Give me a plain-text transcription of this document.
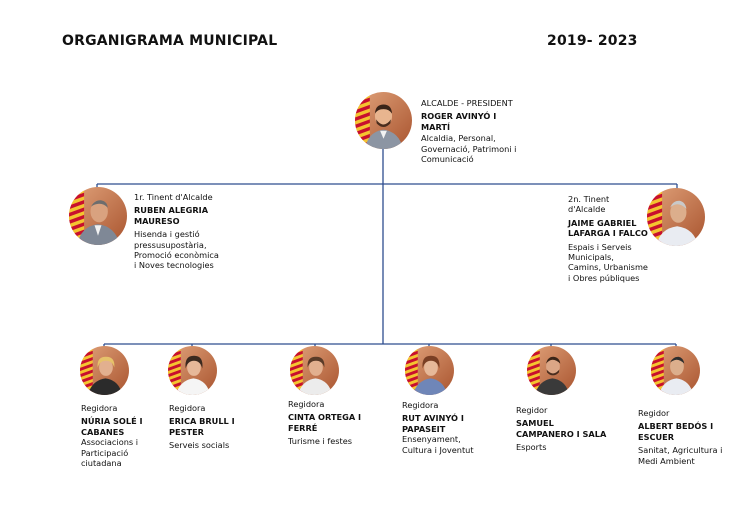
ORGANIGRAMA MUNICIPAL	2019- 2023
ALCALDE - PRESIDENT
ROGER AVINYÓ I MARTÍ
Alcaldia, Personal, Governació, Patrimoni i Comunicació
1r. Tinent d'Alcalde
RUBEN ALEGRIA MAURESO
Hisenda i gestió pressusupostària, Promoció econòmica i Noves tecnologies
2n. Tinent d'Alcalde
JAIME GABRIEL LAFARGA I FALCO
Espais i Serveis Municipals, Camins, Urbanisme i Obres públiques
Regidora
NÚRIA SOLÉ I CABANES
Associacions i Participació ciutadana
Regidora
ERICA BRULL I PESTER
Serveis socials
Regidora
CINTA ORTEGA I FERRÉ
Turisme i festes
Regidora
RUT AVINYÓ I PAPASEIT
Ensenyament, Cultura i Joventut
Regidor
SAMUEL CAMPANERO I SALA
Esports
Regidor
ALBERT BEDÓS I ESCUER
Sanitat, Agricultura i Medi Ambient
